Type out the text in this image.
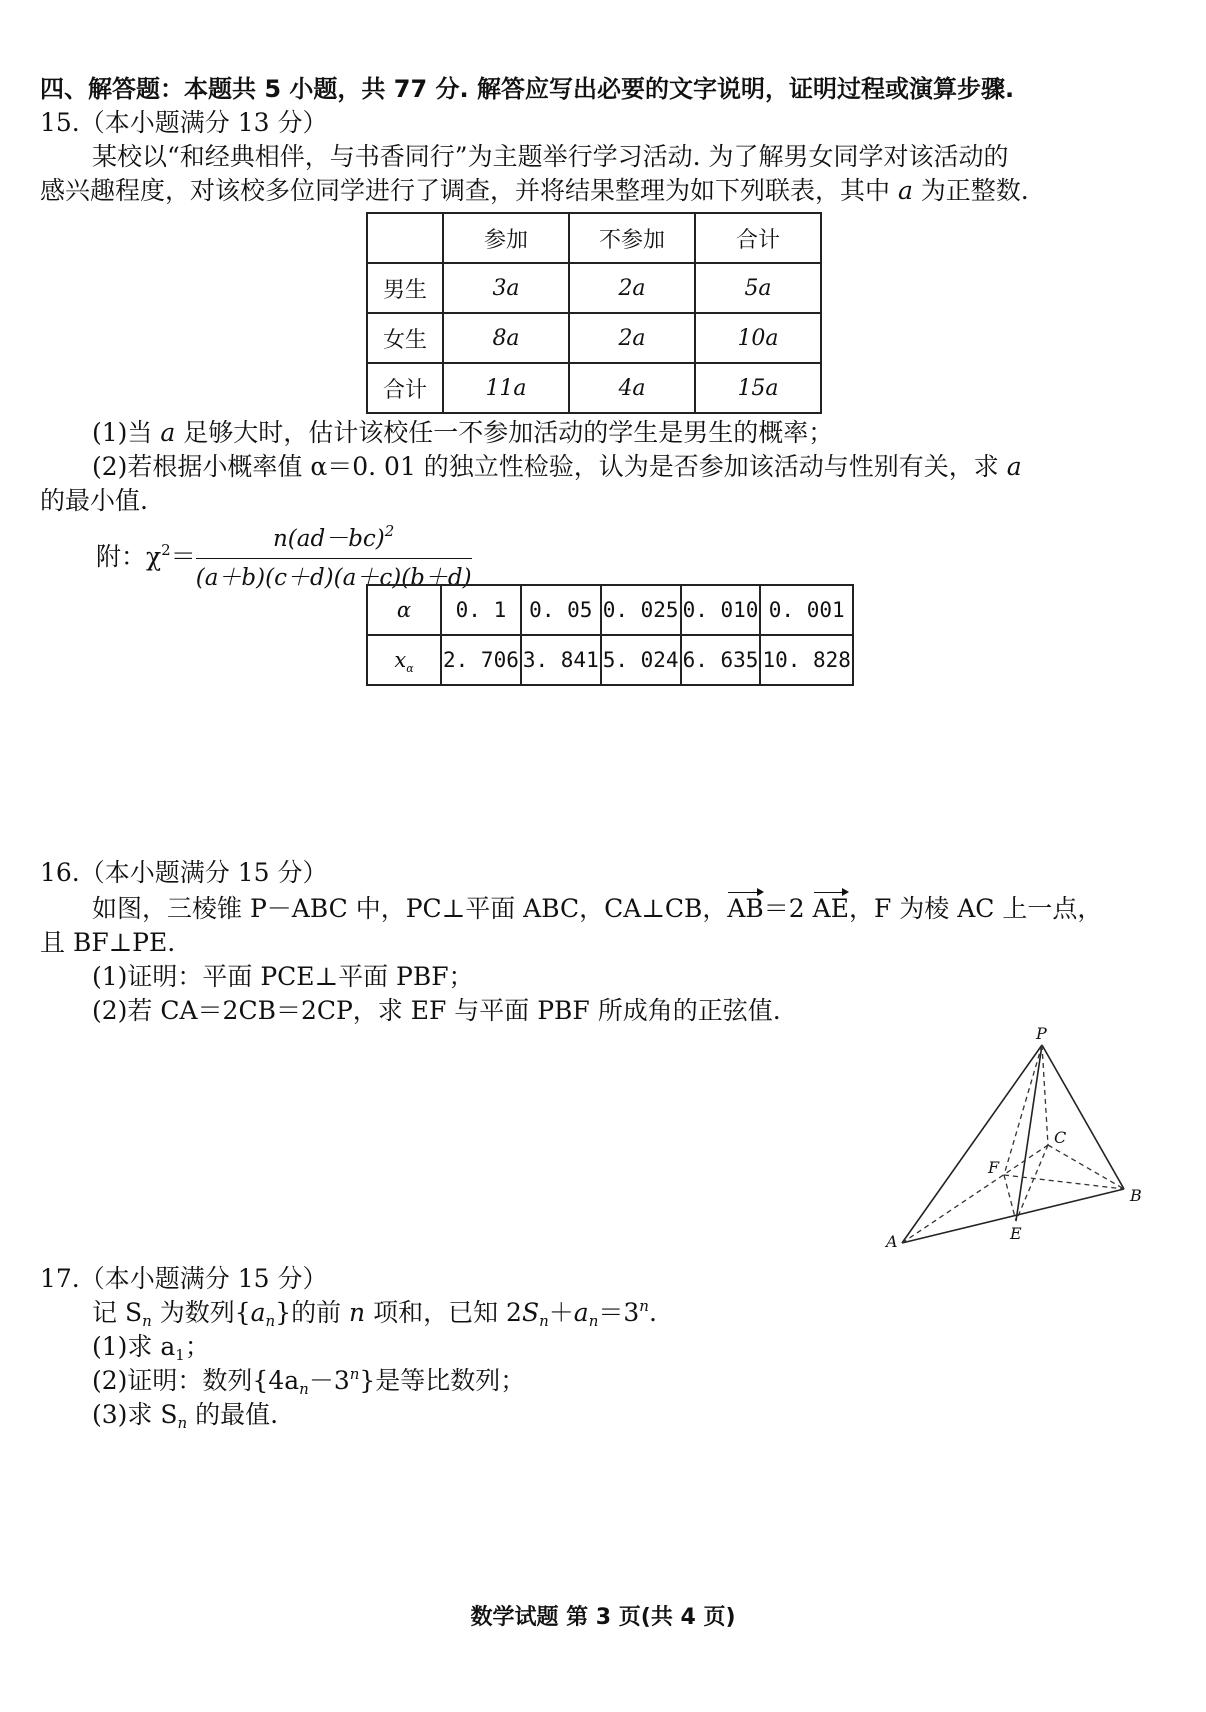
四、解答题：本题共 5 小题，共 77 分. 解答应写出必要的文字说明，证明过程或演算步骤.
15.（本小题满分 13 分）
某校以“和经典相伴，与书香同行”为主题举行学习活动. 为了解男女同学对该活动的
感兴趣程度，对该校多位同学进行了调查，并将结果整理为如下列联表，其中 a 为正整数.
	参加	不参加	合计
男生	3a	2a	5a
女生	8a	2a	10a
合计	11a	4a	15a
(1)当 a 足够大时，估计该校任一不参加活动的学生是男生的概率；
(2)若根据小概率值 α＝0. 01 的独立性检验，认为是否参加该活动与性别有关，求 a
的最小值.
附：$\chi^2= \frac{n(ad-bc)^2}{(a+b)(c+d)(a+c)(b+d)}$
α	0. 1	0. 05	0. 025	0. 010	0. 001
$x_\alpha$	2. 706	3. 841	5. 024	6. 635	10. 828
16.（本小题满分 15 分）
如图，三棱锥 P－ABC 中，PC⊥平面 ABC，CA⊥CB，AB＝2 AE，F 为棱 AC 上一点，
且 BF⊥PE.
(1)证明：平面 PCE⊥平面 PBF；
(2)若 CA＝2CB＝2CP，求 EF 与平面 PBF 所成角的正弦值.
P
C
F
B
E
A
17.（本小题满分 15 分）
记 $S_n$ 为数列$\{a_n\}$的前 n 项和，已知 $2S_n+a_n=3^n$.
(1)求 $a_1$；
(2)证明：数列$\{4a_n-3^n\}$是等比数列；
(3)求 $S_n$ 的最值.
数学试题 第 3 页(共 4 页)
